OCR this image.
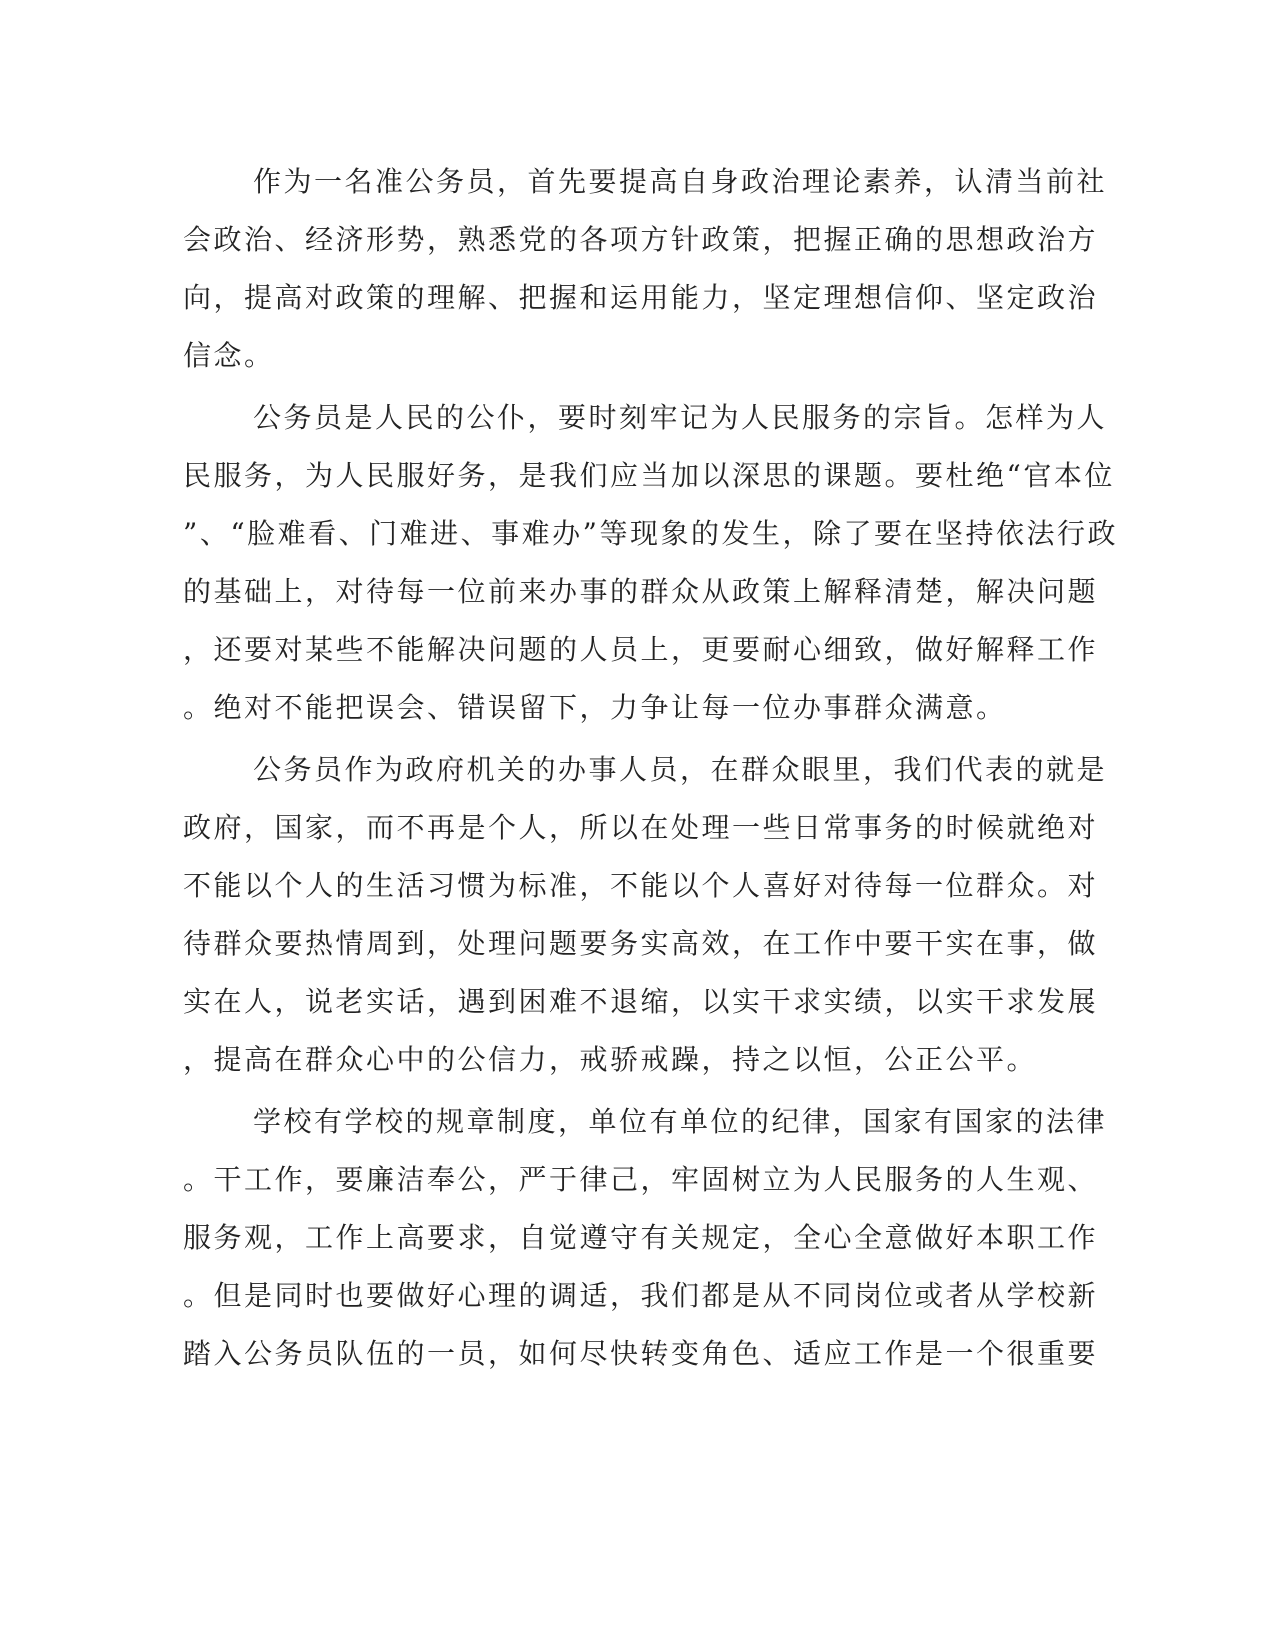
作为一名准公务员，首先要提高自身政治理论素养，认清当前社

会政治、经济形势，熟悉党的各项方针政策，把握正确的思想政治方

向，提高对政策的理解、把握和运用能力，坚定理想信仰、坚定政治

信念。

公务员是人民的公仆，要时刻牢记为人民服务的宗旨。怎样为人

民服务，为人民服好务，是我们应当加以深思的课题。要杜绝“官本位

”、“脸难看、门难进、事难办”等现象的发生，除了要在坚持依法行政

的基础上，对待每一位前来办事的群众从政策上解释清楚，解决问题

，还要对某些不能解决问题的人员上，更要耐心细致，做好解释工作

。绝对不能把误会、错误留下，力争让每一位办事群众满意。

公务员作为政府机关的办事人员，在群众眼里，我们代表的就是

政府，国家，而不再是个人，所以在处理一些日常事务的时候就绝对

不能以个人的生活习惯为标准，不能以个人喜好对待每一位群众。对

待群众要热情周到，处理问题要务实高效，在工作中要干实在事，做

实在人，说老实话，遇到困难不退缩，以实干求实绩，以实干求发展

，提高在群众心中的公信力，戒骄戒躁，持之以恒，公正公平。

学校有学校的规章制度，单位有单位的纪律，国家有国家的法律

。干工作，要廉洁奉公，严于律己，牢固树立为人民服务的人生观、

服务观，工作上高要求，自觉遵守有关规定，全心全意做好本职工作

。但是同时也要做好心理的调适，我们都是从不同岗位或者从学校新

踏入公务员队伍的一员，如何尽快转变角色、适应工作是一个很重要
